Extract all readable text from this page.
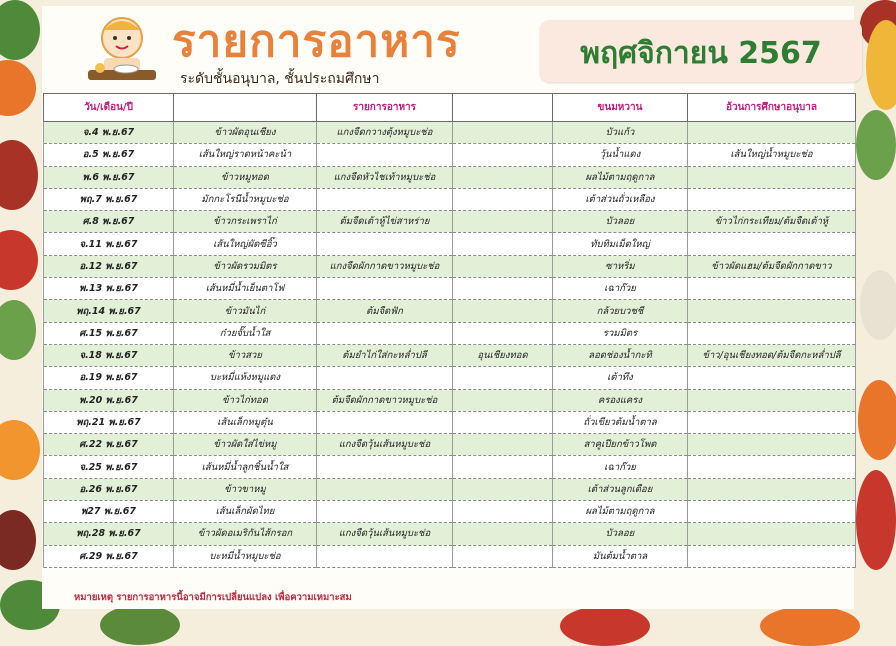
รายการอาหาร
ระดับชั้นอนุบาล, ชั้นประถมศึกษา
พฤศจิกายน 2567
วัน/เดือน/ปี		รายการอาหาร		ขนมหวาน	อ้วนการศึกษาอนุบาล
จ.4 พ.ย.67	ข้าวผัดอุนเชียง	แกงจืดกวางตุ้งหมูบะช่อ		บัวแก้ว	
อ.5 พ.ย.67	เส้นใหญ่ราดหน้าคะน้า			วุ้นน้ำแดง	เส้นใหญ่น้ำหมูบะช่อ
พ.6 พ.ย.67	ข้าวหมูทอด	แกงจืดหัวไชเท้าหมูบะช่อ		ผลไม้ตามฤดูกาล	
พฤ.7 พ.ย.67	มักกะโรนีน้ำหมูบะช่อ			เต้าส่วนถั่วเหลือง	
ศ.8 พ.ย.67	ข้าวกระเพราไก่	ต้มจืดเต้าหู้ไข่สาหร่าย		บัวลอย	ข้าวไก่กระเทียม/ต้มจืดเต้าหู้
จ.11 พ.ย.67	เส้นใหญ่ผัดซีอิ๊ว			ทับทิมเม็ดใหญ่	
อ.12 พ.ย.67	ข้าวผัดรวมมิตร	แกงจืดผักกาดขาวหมูบะช่อ		ซาหริ่ม	ข้าวผัดแฮม/ต้มจืดผักกาดขาว
พ.13 พ.ย.67	เส้นหมี่น้ำเย็นตาโฟ			เฉาก๊วย	
พฤ.14 พ.ย.67	ข้าวมันไก่	ต้มจืดฟัก		กล้วยบวชชี	
ศ.15 พ.ย.67	ก๋วยจั๊บน้ำใส			รวมมิตร	
จ.18 พ.ย.67	ข้าวสวย	ต้มยำไก่ใส่กะหล่ำปลี	อุนเชียงทอด	ลอดช่องน้ำกะทิ	ข้าว/อุนเชียงทอด/ต้มจืดกะหล่ำปลี
อ.19 พ.ย.67	บะหมี่แห้งหมูแดง			เต้าทึง	
พ.20 พ.ย.67	ข้าวไก่ทอด	ต้มจืดผักกาดขาวหมูบะช่อ		ครองแครง	
พฤ.21 พ.ย.67	เส้นเล็กหมูตุ๋น			ถั่วเขียวต้มน้ำตาล	
ศ.22 พ.ย.67	ข้าวผัดใส่ไข่หมู	แกงจืดวุ้นเส้นหมูบะช่อ		สาคูเปียกข้าวโพด	
จ.25 พ.ย.67	เส้นหมี่น้ำลูกชิ้นน้ำใส			เฉาก๊วย	
อ.26 พ.ย.67	ข้าวขาหมู			เต้าส่วนลูกเดือย	
พ27 พ.ย.67	เส้นเล็กผัดไทย			ผลไม้ตามฤดูกาล	
พฤ.28 พ.ย.67	ข้าวผัดอเมริกันไส้กรอก	แกงจืดวุ้นเส้นหมูบะช่อ		บัวลอย	
ศ.29 พ.ย.67	บะหมี่น้ำหมูบะช่อ			มันต้มน้ำตาล	
หมายเหตุ รายการอาหารนี้อาจมีการเปลี่ยนแปลง เพื่อความเหมาะสม
